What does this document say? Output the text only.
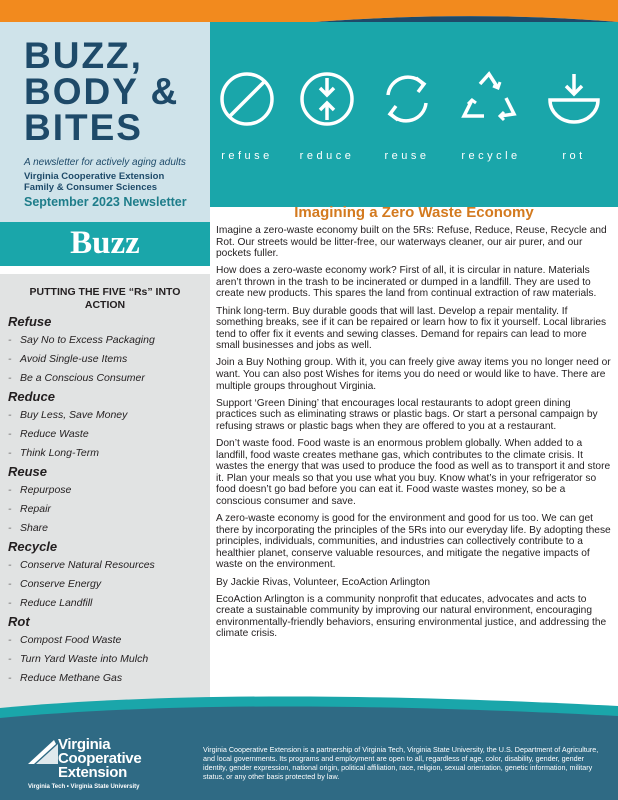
BUZZ,
BODY &
BITES
A newsletter for actively aging adults
Virginia Cooperative Extension
Family & Consumer Sciences
September 2023 Newsletter
refuse	reduce	reuse	recycle	rot
Buzz
PUTTING THE FIVE “Rs” INTO ACTION
Refuse
- Say No to Excess Packaging
- Avoid Single-use Items
- Be a Conscious Consumer
Reduce
- Buy Less, Save Money
- Reduce Waste
- Think Long-Term
Reuse
- Repurpose
- Repair
- Share
Recycle
- Conserve Natural Resources
- Conserve Energy
- Reduce Landfill
Rot
- Compost Food Waste
- Turn Yard Waste into Mulch
- Reduce Methane Gas
Imagining a Zero Waste Economy

Imagine a zero-waste economy built on the 5Rs: Refuse, Reduce, Reuse, Recycle and Rot. Our streets would be litter-free, our waterways cleaner, our air purer, and our pockets fuller.

How does a zero-waste economy work? First of all, it is circular in nature. Materials aren’t thrown in the trash to be incinerated or dumped in a landfill. They are used to create new products. This spares the land from continual extraction of raw materials.

Think long-term. Buy durable goods that will last. Develop a repair mentality. If something breaks, see if it can be repaired or learn how to fix it yourself. Local libraries tend to offer fix it events and sewing classes. Demand for repairs can lead to more small businesses and jobs as well.

Join a Buy Nothing group. With it, you can freely give away items you no longer need or want. You can also post Wishes for items you do need or would like to have. There are multiple groups throughout Virginia.

Support ‘Green Dining’ that encourages local restaurants to adopt green dining practices such as eliminating straws or plastic bags. Or start a personal campaign by refusing straws or plastic bags when they are offered to you at a restaurant.

Don’t waste food. Food waste is an enormous problem globally. When added to a landfill, food waste creates methane gas, which contributes to the climate crisis. It wastes the energy that was used to produce the food as well as to transport it and store it. Plan your meals so that you use what you buy. Know what’s in your refrigerator so food doesn’t go bad before you can eat it. Food waste wastes money, so be a conscious consumer and save.

A zero-waste economy is good for the environment and good for us too. We can get there by incorporating the principles of the 5Rs into our everyday life. By adopting these principles, individuals, communities, and industries can collectively contribute to a healthier planet, conserve valuable resources, and mitigate the negative impacts of waste on the environment.

By Jackie Rivas, Volunteer, EcoAction Arlington

EcoAction Arlington is a community nonprofit that educates, advocates and acts to create a sustainable community by improving our natural environment, encouraging environmentally-friendly behaviors, ensuring environmental justice, and addressing the climate crisis.

Virginia
Cooperative
Extension
Virginia Tech • Virginia State University
Virginia Cooperative Extension is a partnership of Virginia Tech, Virginia State University, the U.S. Department of Agriculture, and local governments. Its programs and employment are open to all, regardless of age, color, disability, gender, gender identity, gender expression, national origin, political affiliation, race, religion, sexual orientation, genetic information, military status, or any other basis protected by law.
